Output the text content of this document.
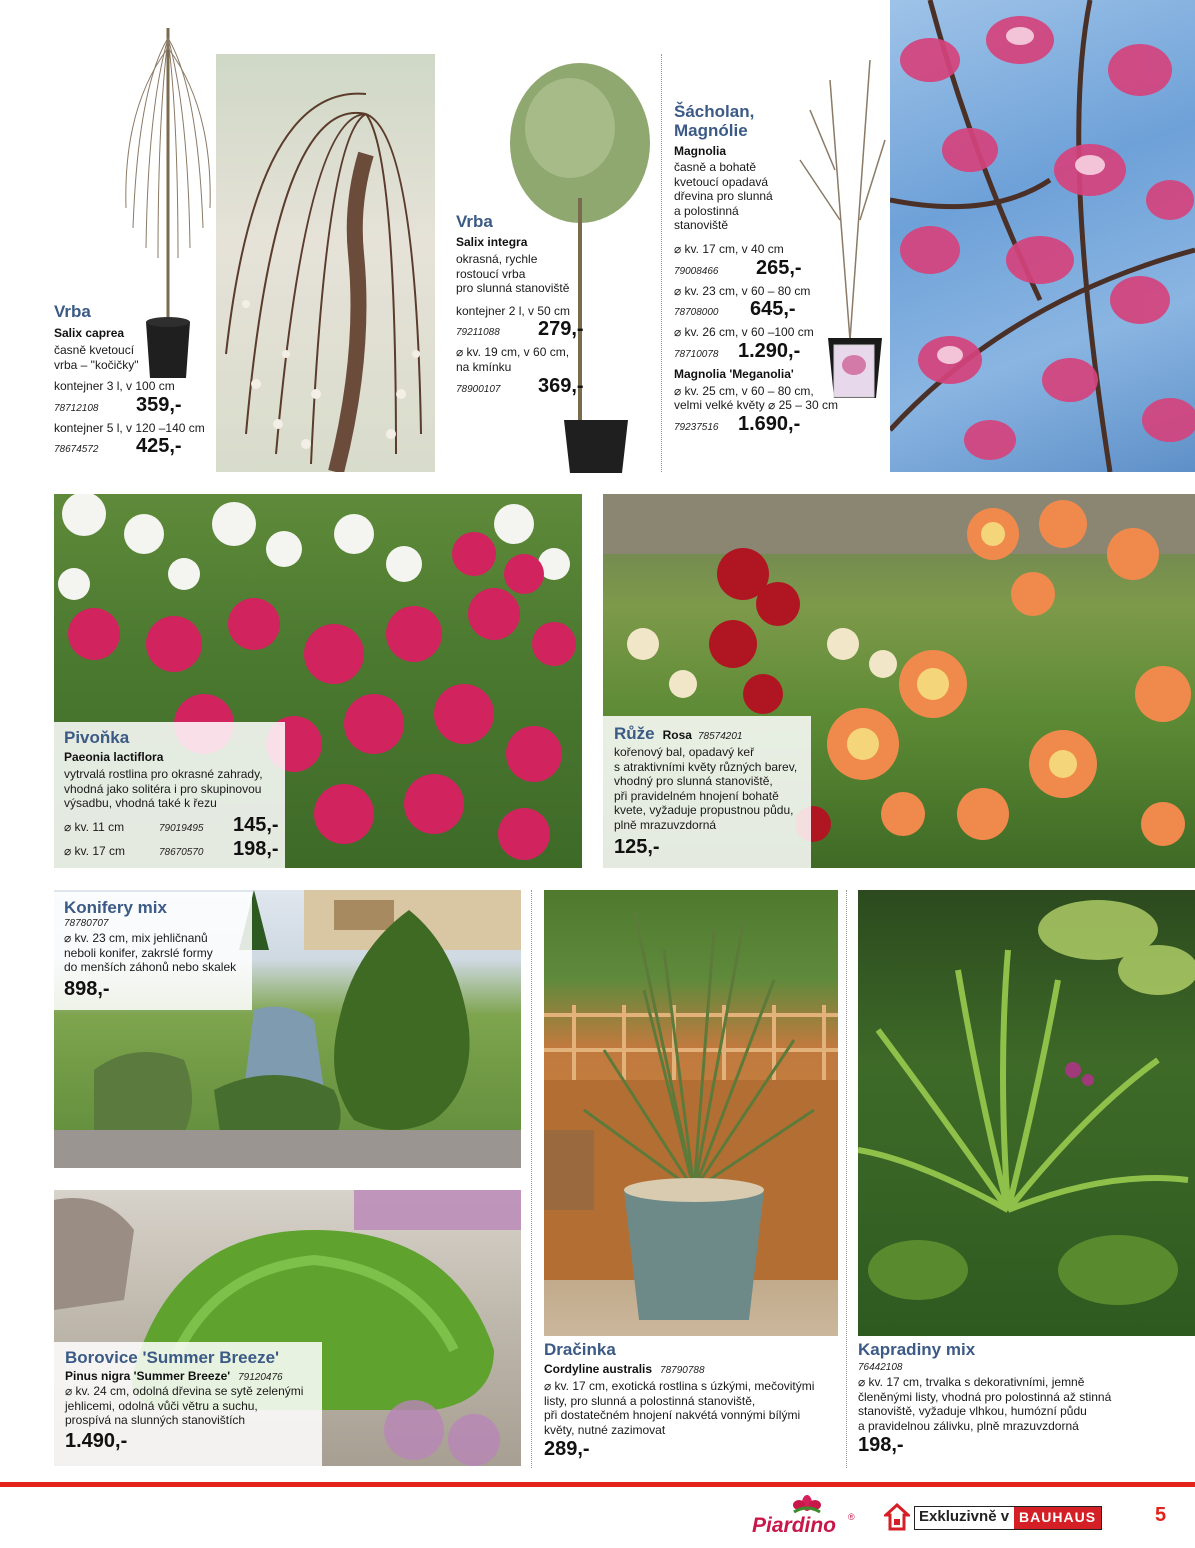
Vrba
Salix caprea
časně kvetoucí
vrba – "kočičky"
kontejner 3 l, v 100 cm
78712108	359,-
kontejner 5 l, v 120 –140 cm
78674572	425,-
Vrba
Salix integra
okrasná, rychle
rostoucí vrba
pro slunná stanoviště
kontejner 2 l, v 50 cm
79211088	279,-
⌀ kv. 19 cm, v 60 cm,
na kmínku
78900107	369,-
Šácholan,
Magnólie
Magnolia
časně a bohatě
kvetoucí opadavá
dřevina pro slunná
a polostinná
stanoviště
⌀ kv. 17 cm, v 40 cm
79008466	265,-
⌀ kv. 23 cm, v 60 – 80 cm
78708000	645,-
⌀ kv. 26 cm, v 60 –100 cm
78710078 1.290,-
Magnolia 'Meganolia'
⌀ kv. 25 cm, v 60 – 80 cm,
velmi velké květy ⌀ 25 – 30 cm
79237516 1.690,-
Pivoňka
Paeonia lactiflora
vytrvalá rostlina pro okrasné zahrady,
vhodná jako solitéra i pro skupinovou
výsadbu, vhodná také k řezu
⌀ kv. 11 cm	79019495	145,-
⌀ kv. 17 cm	78670570	198,-
Růže Rosa 78574201
kořenový bal, opadavý keř
s atraktivními květy různých barev,
vhodný pro slunná stanoviště,
při pravidelném hnojení bohatě
kvete, vyžaduje propustnou půdu,
plně mrazuvzdorná
125,-
Konifery mix
78780707
⌀ kv. 23 cm, mix jehličnanů
neboli konifer, zakrslé formy
do menších záhonů nebo skalek
898,-
Borovice 'Summer Breeze'
Pinus nigra 'Summer Breeze' 79120476
⌀ kv. 24 cm, odolná dřevina se sytě zelenými
jehlicemi, odolná vůči větru a suchu,
prospívá na slunných stanovištích
1.490,-
Dračinka
Cordyline australis 78790788
⌀ kv. 17 cm, exotická rostlina s úzkými, mečovitými
listy, pro slunná a polostinná stanoviště,
při dostatečném hnojení nakvétá vonnými bílými
květy, nutné zazimovat
289,-
Kapradiny mix
76442108
⌀ kv. 17 cm, trvalka s dekorativními, jemně
členěnými listy, vhodná pro polostinná až stinná
stanoviště, vyžaduje vlhkou, humózní půdu
a pravidelnou zálivku, plně mrazuvzdorná
198,-
Piardino ®	Exkluzivně v BAUHAUS	5
